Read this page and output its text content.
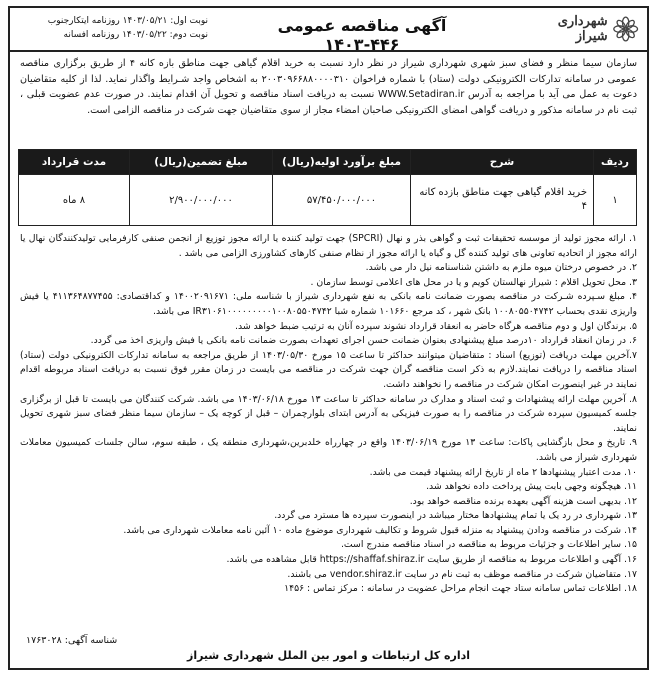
شهرداری شیراز
آگهی مناقصه عمومی ۴۴۶-۱۴۰۳
نوبت اول: ۱۴۰۳/۰۵/۲۱ روزنامه ایتکارجنوب
نوبت دوم: ۱۴۰۳/۰۵/۲۲ روزنامه افسانه
سازمان سیما منظر و فضای سبز شهری شهرداری شیراز در نظر دارد نسبت به خرید اقلام گیاهی جهت مناطق بازه کانه ۴ از طریق برگزاری مناقصه عمومی در سامانه تدارکات الکترونیکی دولت (ستاد) با شماره فراخوان ۲۰۰۳۰۹۶۶۸۸۰۰۰۰۳۱۰ به اشخاص واجد شـرایط واگذار نماید. لذا از کلیه متقاضیان دعوت به عمل می آید با مراجعه به آدرس WWW.Setadiran.ir نسبت به دریافت اسناد مناقصه و تحویل آن اقدام نمایند. در صورت عدم عضویت قبلی ، ثبت نام در سامانه مذکور و دریافت گواهی امضای الکترونیکی صاحبان امضاء مجاز از سوی متقاضیان جهت شرکت در مناقصه الزامی است.
ردیف	شرح	مبلغ برآورد اولیه(ریال)	مبلغ تضمین(ریال)	مدت قرارداد
۱	خرید اقلام گیاهی جهت مناطق بازده کانه ۴	۵۷/۴۵۰/۰۰۰/۰۰۰	۲/۹۰۰/۰۰۰/۰۰۰	۸ ماه
۱. ارائه مجوز تولید از موسسه تحقیقات ثبت و گواهی بذر و نهال (SPCRI) جهت تولید کننده یا ارائه مجوز توزیع از انجمن صنفی کارفرمایی تولیدکنندگان نهال یا ارائه مجوز از اتحادیه تعاونی های تولید کننده گل و گیاه یا ارائه مجوز از نظام صنفی کارهای کشاورزی الزامی می باشد .
۲. در خصوص درختان میوه ملزم به داشتن شناسنامه نیل دار می باشد.
۳. محل تحویل اقلام : شیراز نهالستان کویم و یا در محل های اعلامی توسط سازمان .
۴. مبلغ سـپرده شـرکت در مناقصه بصورت ضمانت نامه بانکی به نفع شهرداری شیراز با شناسه ملی: ۱۴۰۰۲۰۹۱۶۷۱ و کداقتصادی: ۴۱۱۳۶۴۸۷۷۴۵۵ یا فیش واریزی نقدی بحساب ۱۰۰۸۰۵۵۰۴۷۴۲ بانک شهر ، کد مرجع ۱۰۱۶۶۰ شماره شبا IR۳۱۰۶۱۰۰۰۰۰۰۰۰۰۱۰۰۸۰۵۵۰۴۷۴۲ می باشد.
۵. برندگان اول و دوم مناقصه هرگاه حاضر به انعقاد قرارداد نشوند سپرده آنان به ترتیب ضبط خواهد شد.
۶. در زمان انعقاد قرارداد ۱۰درصد مبلغ پیشنهادی بعنوان ضمانت حسن اجرای تعهدات بصورت ضمانت نامه بانکی یا فیش واریزی اخذ می گردد.
۷.آخرین مهلت دریافت (توزیع) اسناد : متقاضیان میتوانند حداکثر تا ساعت ۱۵ مورخ ۱۴۰۳/۰۵/۳۰ از طریق مراجعه به سامانه تدارکات الکترونیکی دولت (ستاد) اسناد مناقصه را دریافت نمایند.لازم به ذکر است مناقصه گران جهت شرکت در مناقصه می بایست در زمان مقرر فوق نسبت به دریافت اسناد مربوطه اقدام نمایند در غیر اینصورت امکان شرکت در مناقصه را نخواهند داشت.
۸. آخرین مهلت ارائه پیشنهادات و ثبت اسناد و مدارک در سامانه حداکثر تا ساعت ۱۳ مورخ ۱۴۰۳/۰۶/۱۸ می باشد. شرکت کنندگان می بایست تا قبل از برگزاری جلسه کمیسیون سپرده شرکت در مناقصه را به صورت فیزیکی به آدرس ابتدای بلوارچمران – قبل از کوچه یک – سازمان سیما منظر فضای سبز شهری تحویل نمایند.
۹. تاریخ و محل بازگشایی پاکات: ساعت ۱۳ مورخ ۱۴۰۳/۰۶/۱۹ واقع در چهارراه خلدبرین،شهرداری منطقه یک ، طبقه سوم، سالن جلسات کمیسیون معاملات شهرداری شیراز می باشد.
۱۰. مدت اعتبار پیشنهادها ۲ ماه از تاریخ ارائه پیشنهاد قیمت می باشد.
۱۱. هیچگونه وجهی بابت پیش پرداخت داده نخواهد شد.
۱۲. بدیهی است هزینه آگهی بعهده برنده مناقصه خواهد بود.
۱۳. شهرداری در رد یک یا تمام پیشنهادها مختار میباشد در اینصورت سپرده ها مسترد می گردد.
۱۴. شرکت در مناقصه ودادن پیشنهاد به منزله قبول شروط و تکالیف شهرداری موضوع ماده ۱۰ آئین نامه معاملات شهرداری می باشد.
۱۵. سایر اطلاعات و جزئیات مربوط به مناقصه در اسناد مناقصه مندرج است.
۱۶. آگهی و اطلاعات مربوط به مناقصه از طریق سایت https://shaffaf.shiraz.ir قابل مشاهده می باشد.
۱۷. متقاضیان شرکت در مناقصه موظف به ثبت نام در سایت vendor.shiraz.ir می باشند.
۱۸. اطلاعات تماس سامانه ستاد جهت انجام مراحل عضویت در سامانه : مرکز تماس : ۱۴۵۶
شناسه آگهی: ۱۷۶۳۰۲۸
اداره کل ارتباطات و امور بین الملل شهرداری شیراز
